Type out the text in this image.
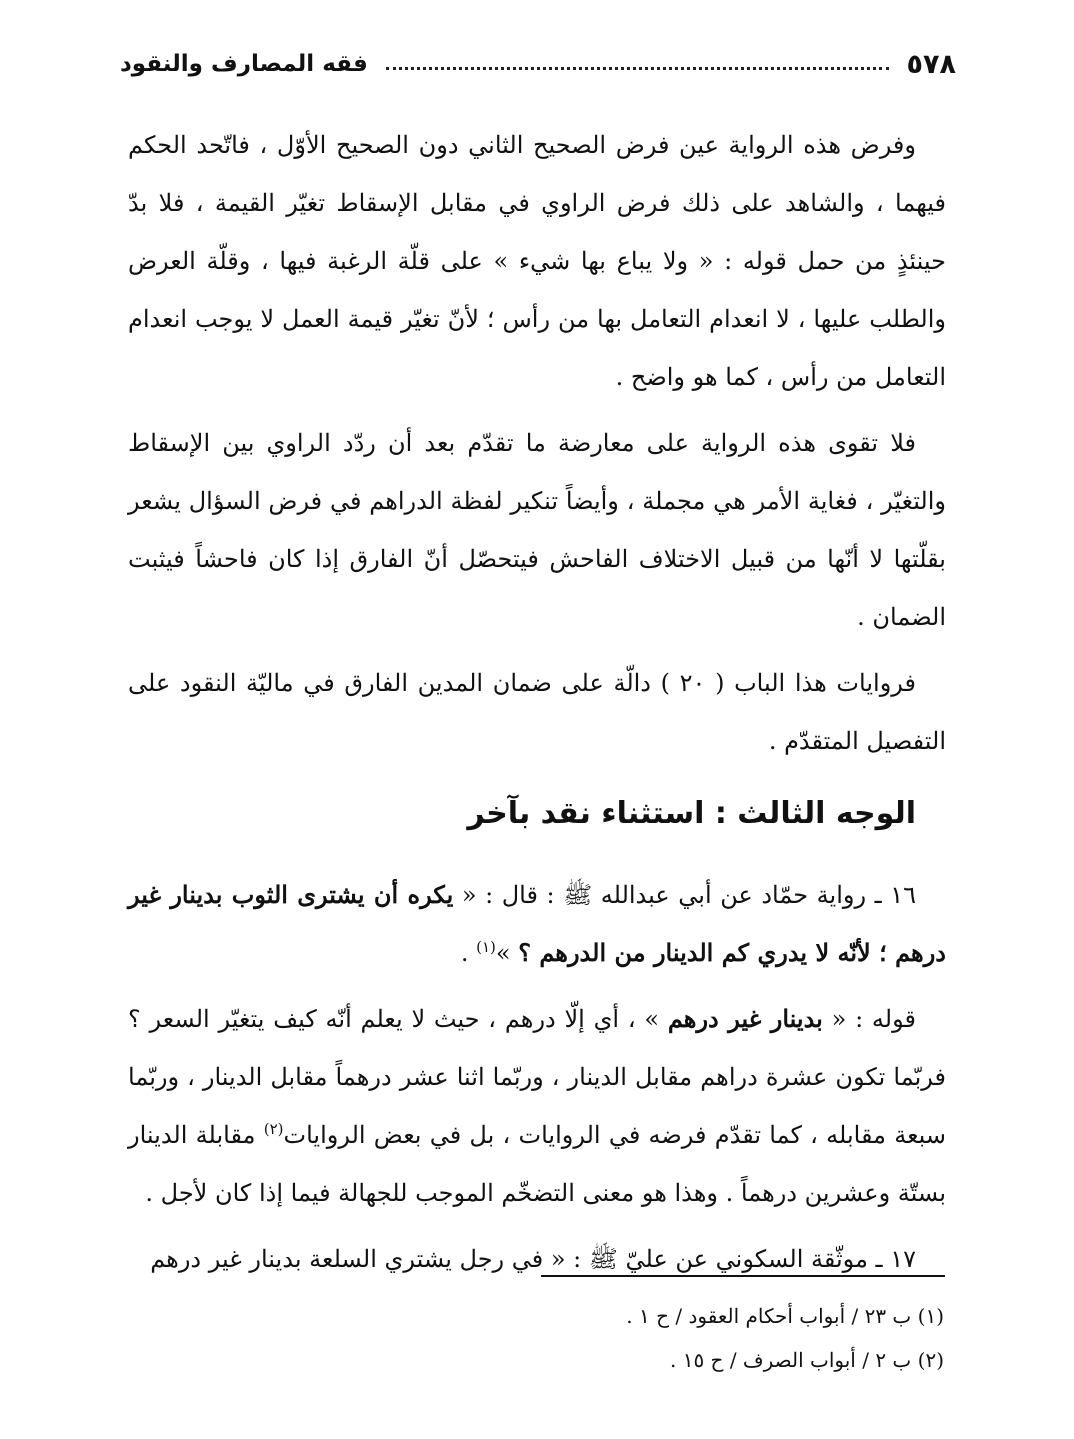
٥٧٨
فقه المصارف والنقود

وفرض هذه الرواية عين فرض الصحيح الثاني دون الصحيح الأوّل ، فاتّحد الحكم فيهما ، والشاهد على ذلك فرض الراوي في مقابل الإسقاط تغيّر القيمة ، فلا بدّ حينئذٍ من حمل قوله : « ولا يباع بها شيء » على قلّة الرغبة فيها ، وقلّة العرض والطلب عليها ، لا انعدام التعامل بها من رأس ؛ لأنّ تغيّر قيمة العمل لا يوجب انعدام التعامل من رأس ، كما هو واضح .

فلا تقوى هذه الرواية على معارضة ما تقدّم بعد أن ردّد الراوي بين الإسقاط والتغيّر ، فغاية الأمر هي مجملة ، وأيضاً تنكير لفظة الدراهم في فرض السؤال يشعر بقلّتها لا أنّها من قبيل الاختلاف الفاحش فيتحصّل أنّ الفارق إذا كان فاحشاً فيثبت الضمان .

فروايات هذا الباب ( ٢٠ ) دالّة على ضمان المدين الفارق في ماليّة النقود على التفصيل المتقدّم .

الوجه الثالث : استثناء نقد بآخر

١٦ ـ رواية حمّاد عن أبي عبدالله ﷺ : قال : « يكره أن يشترى الثوب بدينار غير درهم ؛ لأنّه لا يدري كم الدينار من الدرهم ؟ »$^{(١)}$ .

قوله : « بدينار غير درهم » ، أي إلّا درهم ، حيث لا يعلم أنّه كيف يتغيّر السعر ؟ فربّما تكون عشرة دراهم مقابل الدينار ، وربّما اثنا عشر درهماً مقابل الدينار ، وربّما سبعة مقابله ، كما تقدّم فرضه في الروايات ، بل في بعض الروايات$^{(٢)}$ مقابلة الدينار بستّة وعشرين درهماً . وهذا هو معنى التضخّم الموجب للجهالة فيما إذا كان لأجل .

١٧ ـ موثّقة السكوني عن عليّ ﷺ : « في رجل يشتري السلعة بدينار غير درهم

(١) ب ٢٣ / أبواب أحكام العقود / ح ١ .

(٢) ب ٢ / أبواب الصرف / ح ١٥ .
